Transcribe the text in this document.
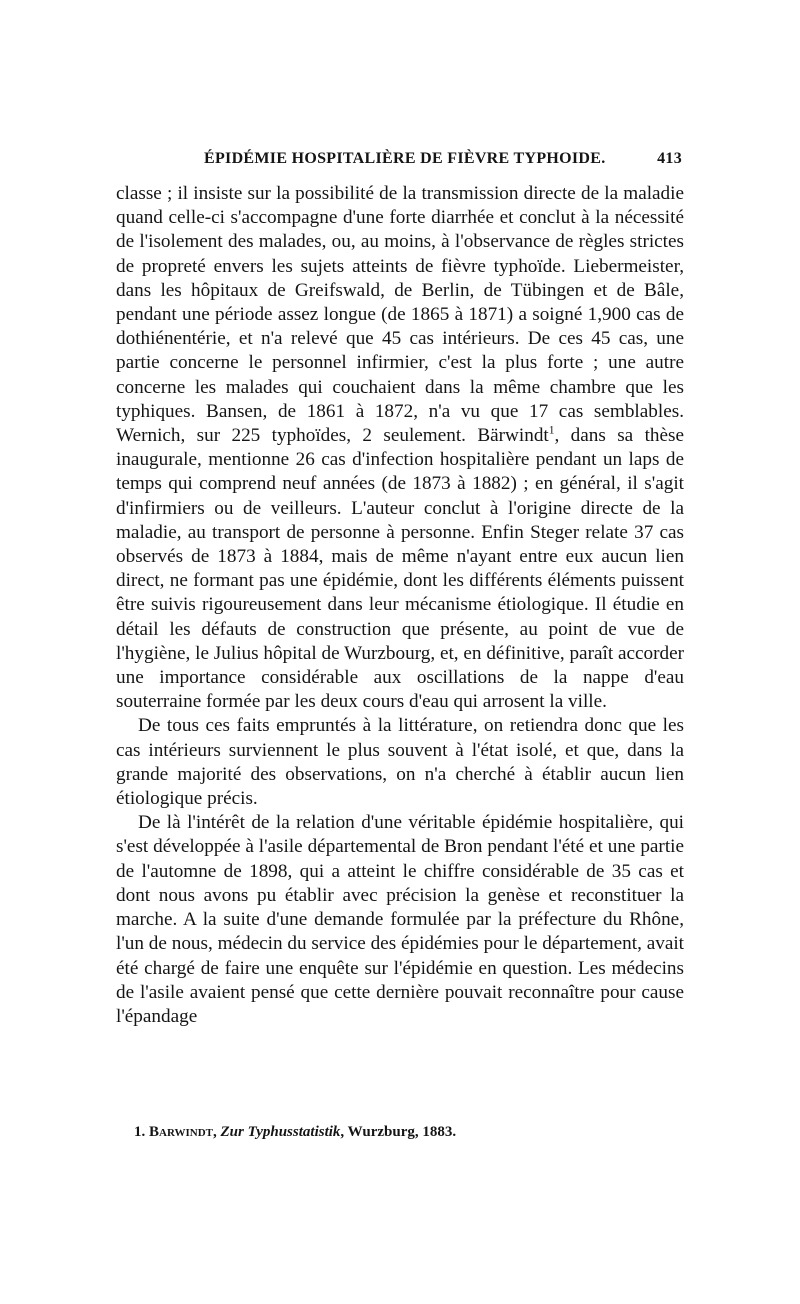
ÉPIDÉMIE HOSPITALIÈRE DE FIÈVRE TYPHOIDE.	413

classe ; il insiste sur la possibilité de la transmission directe de la maladie quand celle-ci s'accompagne d'une forte diarrhée et conclut à la nécessité de l'isolement des malades, ou, au moins, à l'observance de règles strictes de propreté envers les sujets atteints de fièvre typhoïde. Liebermeister, dans les hôpitaux de Greifswald, de Berlin, de Tübingen et de Bâle, pendant une période assez longue (de 1865 à 1871) a soigné 1,900 cas de dothiénentérie, et n'a relevé que 45 cas intérieurs. De ces 45 cas, une partie concerne le personnel infirmier, c'est la plus forte ; une autre concerne les malades qui couchaient dans la même chambre que les typhiques. Bansen, de 1861 à 1872, n'a vu que 17 cas semblables. Wernich, sur 225 typhoïdes, 2 seulement. Bärwindt$^1$, dans sa thèse inaugurale, mentionne 26 cas d'infection hospitalière pendant un laps de temps qui comprend neuf années (de 1873 à 1882) ; en général, il s'agit d'infirmiers ou de veilleurs. L'auteur conclut à l'origine directe de la maladie, au transport de personne à personne. Enfin Steger relate 37 cas observés de 1873 à 1884, mais de même n'ayant entre eux aucun lien direct, ne formant pas une épidémie, dont les différents éléments puissent être suivis rigoureusement dans leur mécanisme étiologique. Il étudie en détail les défauts de construction que présente, au point de vue de l'hygiène, le Julius hôpital de Wurzbourg, et, en définitive, paraît accorder une importance considérable aux oscillations de la nappe d'eau souterraine formée par les deux cours d'eau qui arrosent la ville.

De tous ces faits empruntés à la littérature, on retiendra donc que les cas intérieurs surviennent le plus souvent à l'état isolé, et que, dans la grande majorité des observations, on n'a cherché à établir aucun lien étiologique précis.

De là l'intérêt de la relation d'une véritable épidémie hospitalière, qui s'est développée à l'asile départemental de Bron pendant l'été et une partie de l'automne de 1898, qui a atteint le chiffre considérable de 35 cas et dont nous avons pu établir avec précision la genèse et reconstituer la marche. A la suite d'une demande formulée par la préfecture du Rhône, l'un de nous, médecin du service des épidémies pour le département, avait été chargé de faire une enquête sur l'épidémie en question. Les médecins de l'asile avaient pensé que cette dernière pouvait reconnaître pour cause l'épandage

1. Barwindt, Zur Typhusstatistik, Wurzburg, 1883.
